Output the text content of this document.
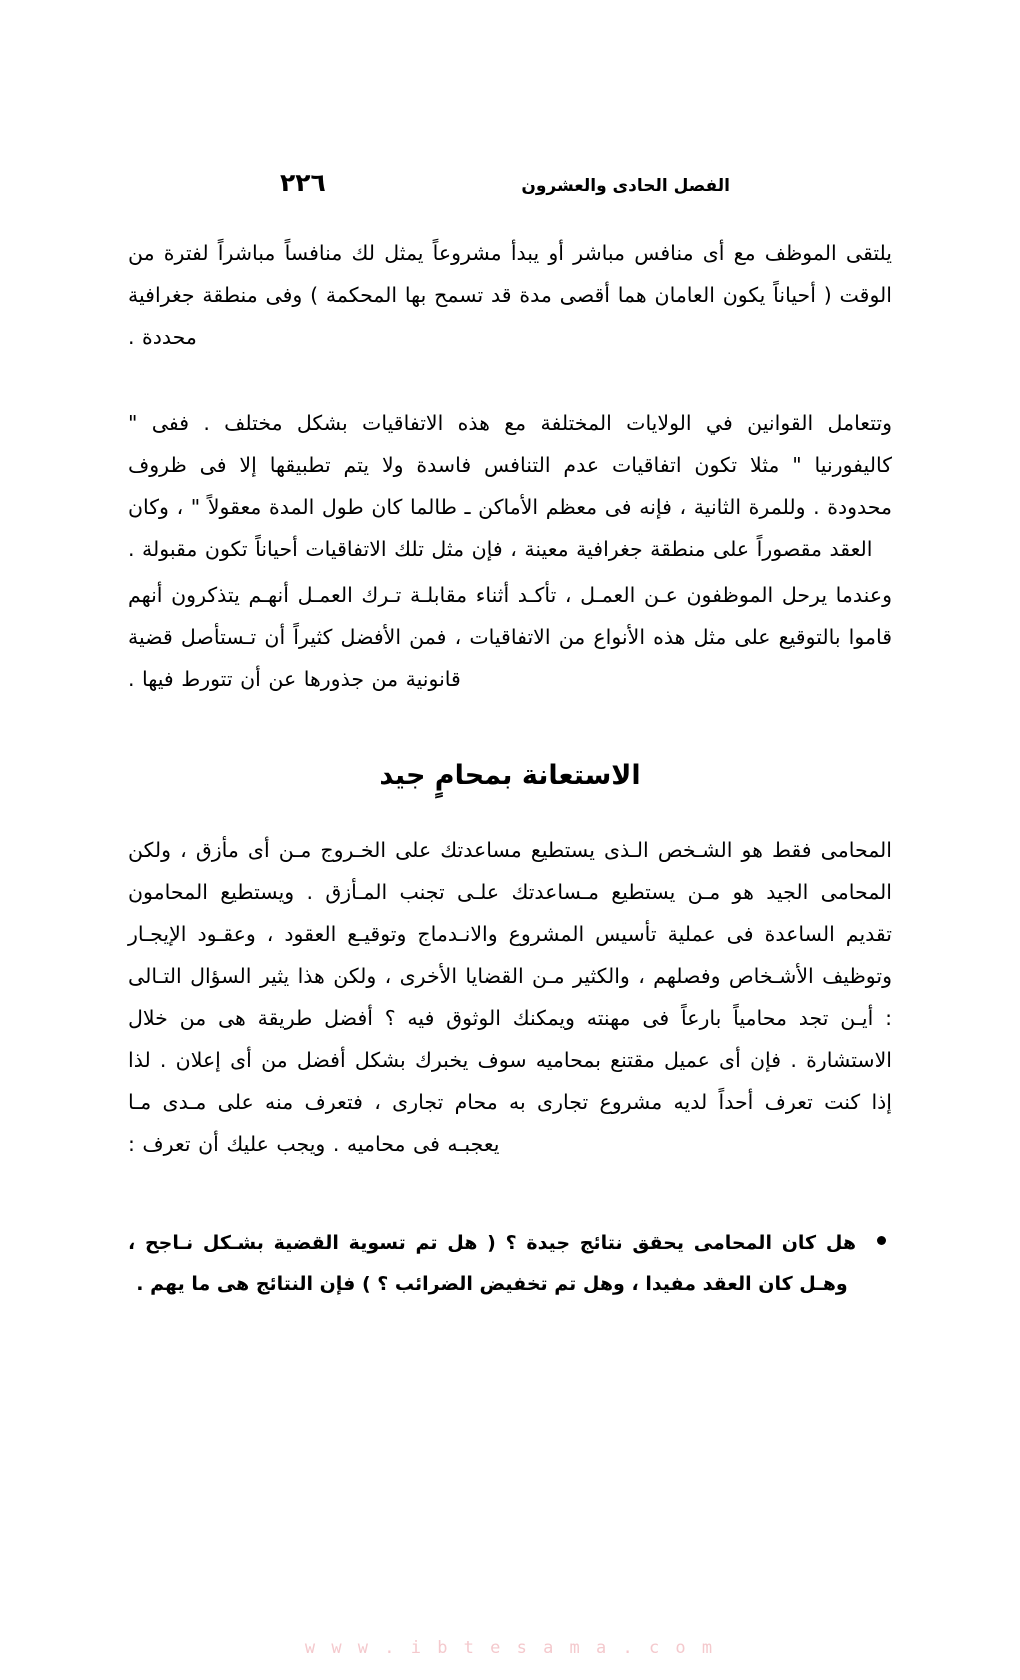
٢٢٦	الفصل الحادى والعشرون

يلتقى الموظف مع أى منافس مباشر أو يبدأ مشروعاً يمثل لك منافساً مباشراً لفترة من الوقت ( أحياناً يكون العامان هما أقصى مدة قد تسمح بها المحكمة ) وفى منطقة جغرافية محددة .

وتتعامل القوانين في الولايات المختلفة مع هذه الاتفاقيات بشكل مختلف . ففى " كاليفورنيا " مثلا تكون اتفاقيات عدم التنافس فاسدة ولا يتم تطبيقها إلا فى ظروف محدودة . وللمرة الثانية ، فإنه فى معظم الأماكن ـ طالما كان طول المدة معقولاً " ، وكان العقد مقصوراً على منطقة جغرافية معينة ، فإن مثل تلك الاتفاقيات أحياناً تكون مقبولة .

وعندما يرحل الموظفون عـن العمـل ، تأكـد أثناء مقابلـة تـرك العمـل أنهـم يتذكرون أنهم قاموا بالتوقيع على مثل هذه الأنواع من الاتفاقيات ، فمن الأفضل كثيراً أن تـستأصل قضية قانونية من جذورها عن أن تتورط فيها .

الاستعانة بمحامٍ جيد

المحامى فقط هو الشـخص الـذى يستطيع مساعدتك على الخـروج مـن أى مأزق ، ولكن المحامى الجيد هو مـن يستطيع مـساعدتك علـى تجنب المـأزق . ويستطيع المحامون تقديم الساعدة فى عملية تأسيس المشروع والانـدماج وتوقيـع العقود ، وعقـود الإيجـار وتوظيف الأشـخاص وفصلهم ، والكثير مـن القضايا الأخرى ، ولكن هذا يثير السؤال التـالى : أيـن تجد محامياً بارعاً فى مهنته ويمكنك الوثوق فيه ؟ أفضل طريقة هى من خلال الاستشارة . فإن أى عميل مقتنع بمحاميه سوف يخبرك بشكل أفضل من أى إعلان . لذا إذا كنت تعرف أحداً لديه مشروع تجارى به محام تجارى ، فتعرف منه على مـدى مـا يعجبـه فى محاميه . ويجب عليك أن تعرف :

هل كان المحامى يحقق نتائج جيدة ؟ ( هل تم تسوية القضية بشـكل نـاجح ، وهـل كان العقد مفيدا ، وهل تم تخفيض الضرائب ؟ ) فإن النتائج هى ما يهم .
w w w . i b t e s a m a . c o m
